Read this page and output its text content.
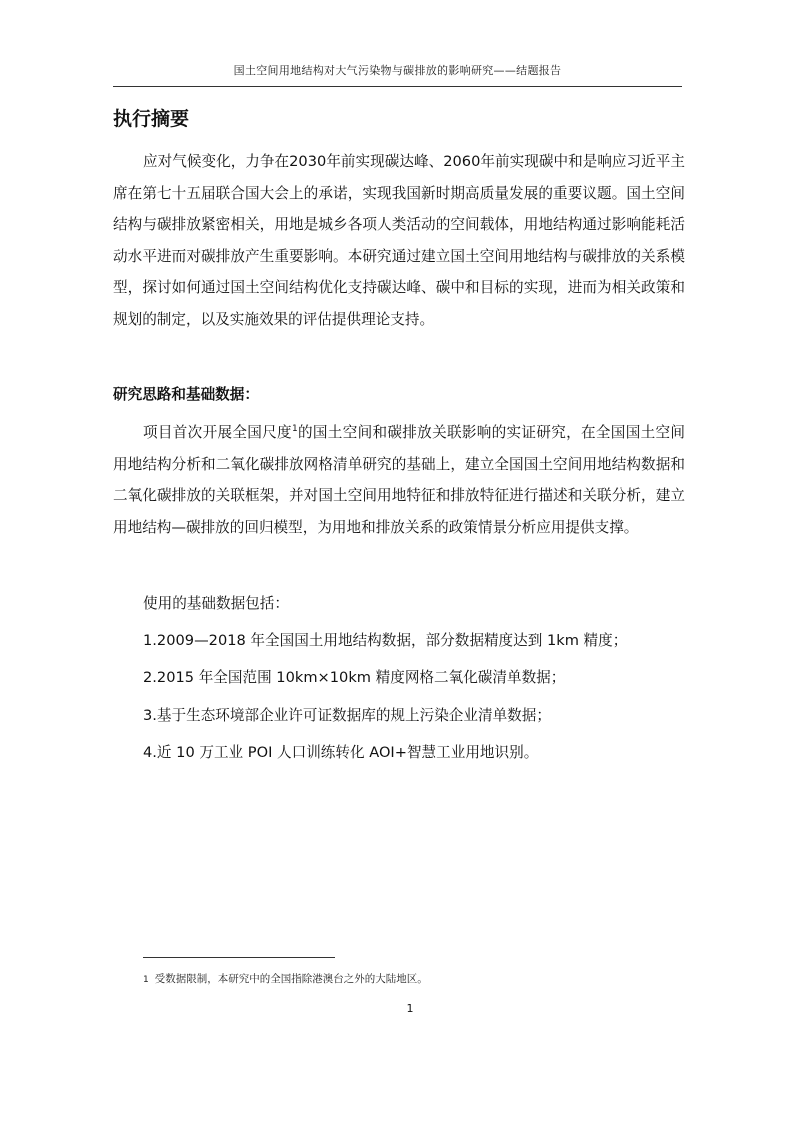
国土空间用地结构对大气污染物与碳排放的影响研究——结题报告
执行摘要

应对气候变化，力争在2030年前实现碳达峰、2060年前实现碳中和是响应习近平主席在第七十五届联合国大会上的承诺，实现我国新时期高质量发展的重要议题。国土空间结构与碳排放紧密相关，用地是城乡各项人类活动的空间载体，用地结构通过影响能耗活动水平进而对碳排放产生重要影响。本研究通过建立国土空间用地结构与碳排放的关系模型，探讨如何通过国土空间结构优化支持碳达峰、碳中和目标的实现，进而为相关政策和规划的制定，以及实施效果的评估提供理论支持。

研究思路和基础数据：

项目首次开展全国尺度$^1$的国土空间和碳排放关联影响的实证研究，在全国国土空间用地结构分析和二氧化碳排放网格清单研究的基础上，建立全国国土空间用地结构数据和二氧化碳排放的关联框架，并对国土空间用地特征和排放特征进行描述和关联分析，建立用地结构—碳排放的回归模型，为用地和排放关系的政策情景分析应用提供支撑。

使用的基础数据包括：

1.2009—2018 年全国国土用地结构数据，部分数据精度达到 1km 精度；

2.2015 年全国范围 10km×10km 精度网格二氧化碳清单数据；

3.基于生态环境部企业许可证数据库的规上污染企业清单数据；

4.近 10 万工业 POI 人口训练转化 AOI+智慧工业用地识别。

1 受数据限制，本研究中的全国指除港澳台之外的大陆地区。

1
